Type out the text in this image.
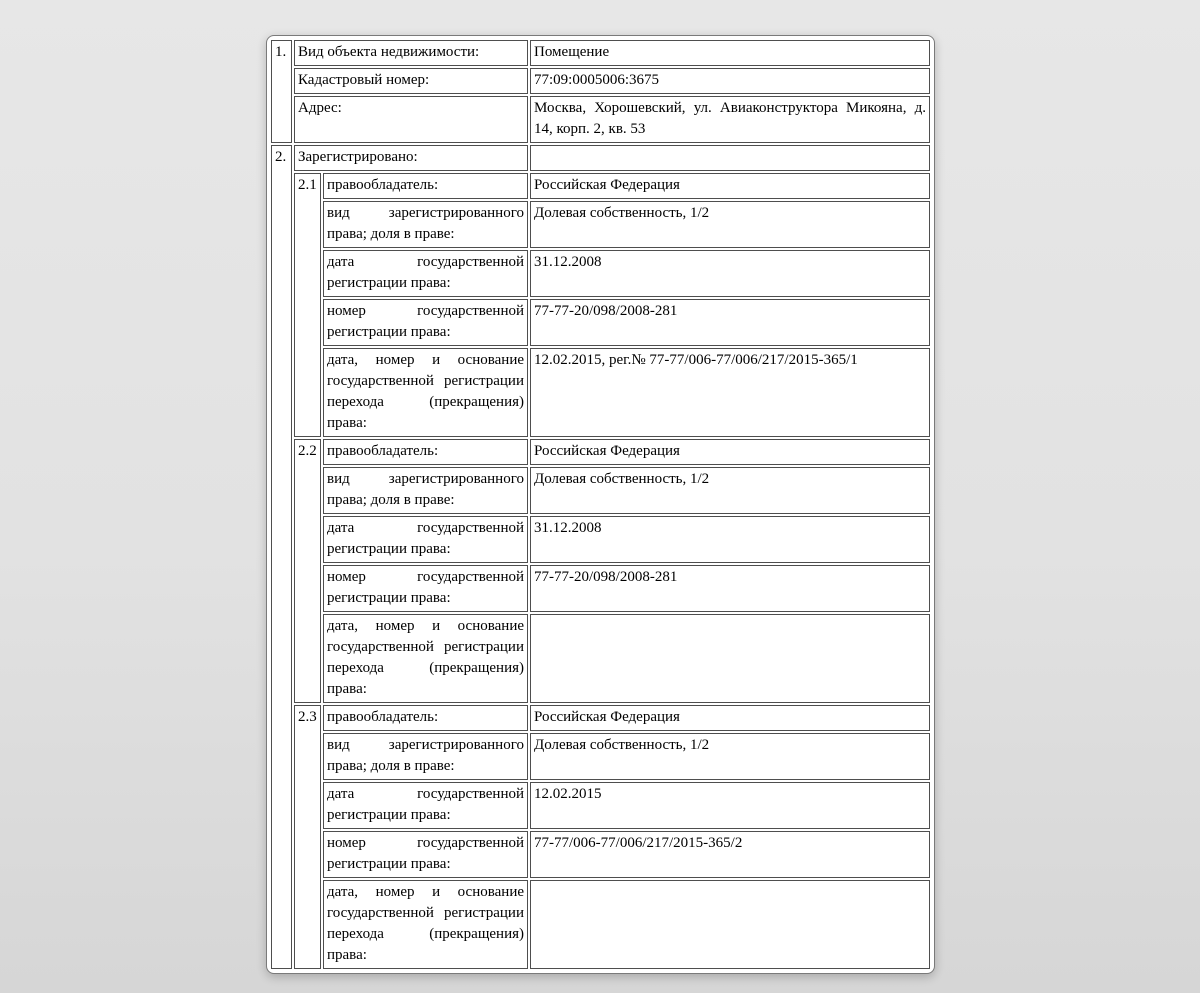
1.	Вид объекта недвижимости:		Помещение
	Кадастровый номер:		77:09:0005006:3675
	Адрес:		Москва, Хорошевский, ул. Авиаконструктора Микояна, д. 14, корп. 2, кв. 53
2.	Зарегистрировано:		
	2.1	правообладатель:	Российская Федерация
		вид зарегистрированного права; доля в праве:	Долевая собственность, 1/2
		дата государственной регистрации права:	31.12.2008
		номер государственной регистрации права:	77-77-20/098/2008-281
		дата, номер и основание государственной регистрации перехода (прекращения) права:	12.02.2015, рег.№ 77-77/006-77/006/217/2015-365/1
	2.2	правообладатель:	Российская Федерация
		вид зарегистрированного права; доля в праве:	Долевая собственность, 1/2
		дата государственной регистрации права:	31.12.2008
		номер государственной регистрации права:	77-77-20/098/2008-281
		дата, номер и основание государственной регистрации перехода (прекращения) права:	
	2.3	правообладатель:	Российская Федерация
		вид зарегистрированного права; доля в праве:	Долевая собственность, 1/2
		дата государственной регистрации права:	12.02.2015
		номер государственной регистрации права:	77-77/006-77/006/217/2015-365/2
		дата, номер и основание государственной регистрации перехода (прекращения) права:	
